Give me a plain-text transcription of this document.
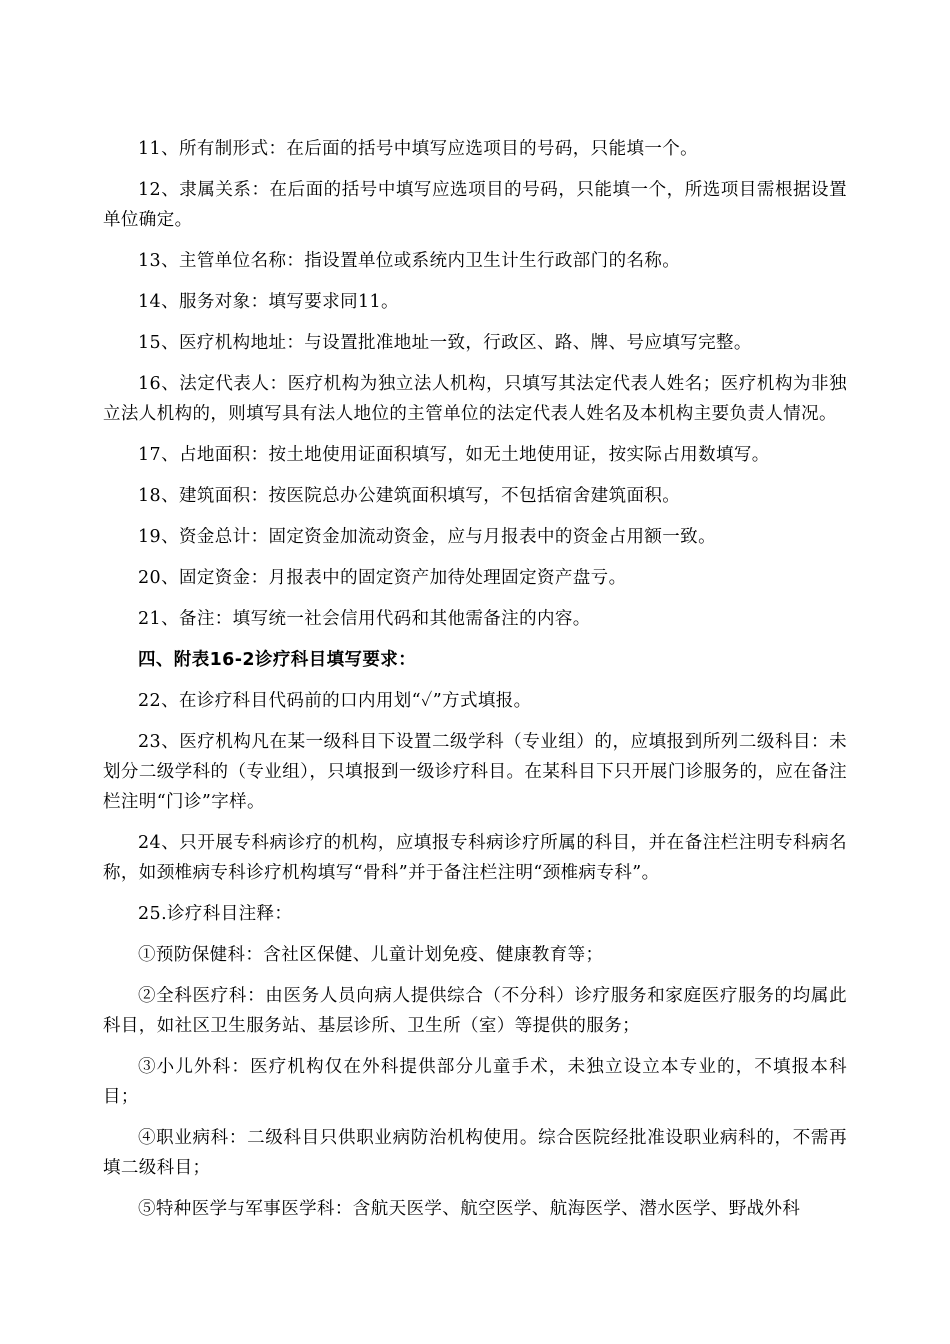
11、所有制形式：在后面的括号中填写应选项目的号码，只能填一个。

12、隶属关系：在后面的括号中填写应选项目的号码，只能填一个，所选项目需根据设置单位确定。

13、主管单位名称：指设置单位或系统内卫生计生行政部门的名称。

14、服务对象：填写要求同11。

15、医疗机构地址：与设置批准地址一致，行政区、路、牌、号应填写完整。

16、法定代表人：医疗机构为独立法人机构，只填写其法定代表人姓名；医疗机构为非独立法人机构的，则填写具有法人地位的主管单位的法定代表人姓名及本机构主要负责人情况。

17、占地面积：按土地使用证面积填写，如无土地使用证，按实际占用数填写。

18、建筑面积：按医院总办公建筑面积填写，不包括宿舍建筑面积。

19、资金总计：固定资金加流动资金，应与月报表中的资金占用额一致。

20、固定资金：月报表中的固定资产加待处理固定资产盘亏。

21、备注：填写统一社会信用代码和其他需备注的内容。

四、附表16-2诊疗科目填写要求：

22、在诊疗科目代码前的口内用划“✓”方式填报。

23、医疗机构凡在某一级科目下设置二级学科（专业组）的，应填报到所列二级科目：未划分二级学科的（专业组），只填报到一级诊疗科目。在某科目下只开展门诊服务的，应在备注栏注明“门诊”字样。

24、只开展专科病诊疗的机构，应填报专科病诊疗所属的科目，并在备注栏注明专科病名称，如颈椎病专科诊疗机构填写“骨科”并于备注栏注明“颈椎病专科”。

25.诊疗科目注释：

①预防保健科：含社区保健、儿童计划免疫、健康教育等；

②全科医疗科：由医务人员向病人提供综合（不分科）诊疗服务和家庭医疗服务的均属此科目，如社区卫生服务站、基层诊所、卫生所（室）等提供的服务；

③小儿外科：医疗机构仅在外科提供部分儿童手术，未独立设立本专业的，不填报本科目；

④职业病科：二级科目只供职业病防治机构使用。综合医院经批准设职业病科的，不需再填二级科目；

⑤特种医学与军事医学科：含航天医学、航空医学、航海医学、潜水医学、野战外科
